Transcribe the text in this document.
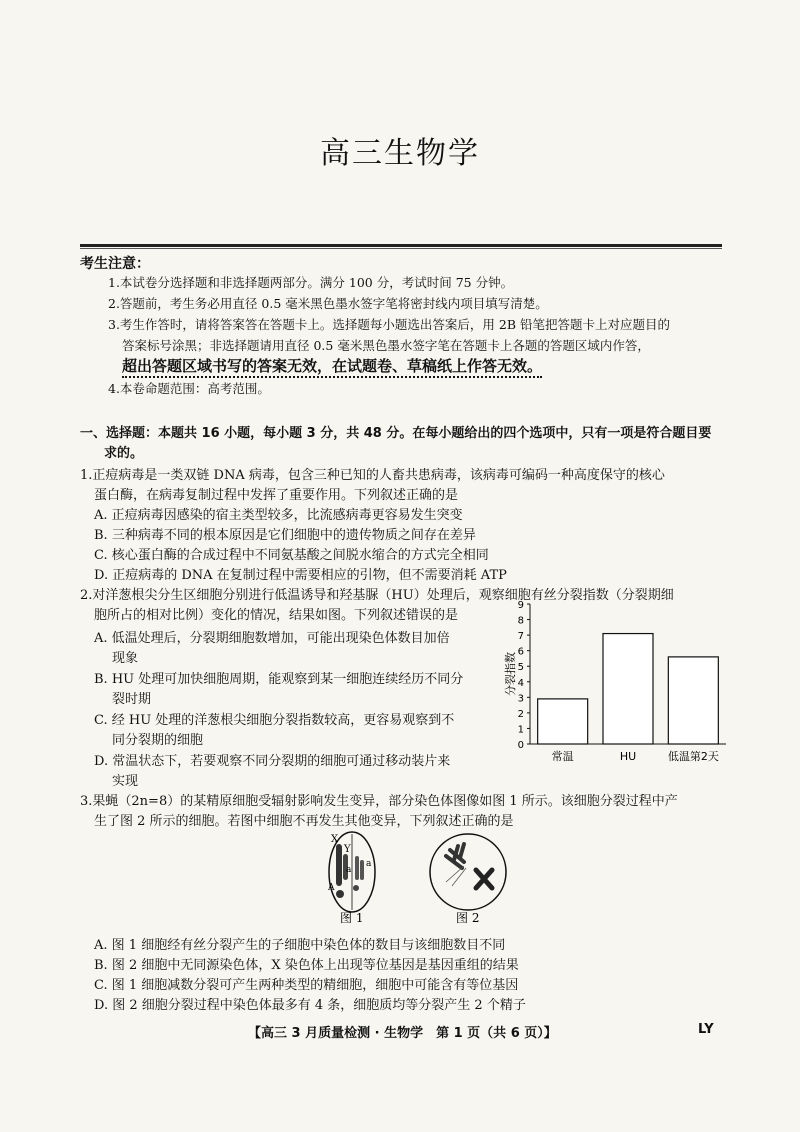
高三生物学
考生注意：
1.本试卷分选择题和非选择题两部分。满分 100 分，考试时间 75 分钟。
2.答题前，考生务必用直径 0.5 毫米黑色墨水签字笔将密封线内项目填写清楚。
3.考生作答时，请将答案答在答题卡上。选择题每小题选出答案后，用 2B 铅笔把答题卡上对应题目的
答案标号涂黑；非选择题请用直径 0.5 毫米黑色墨水签字笔在答题卡上各题的答题区域内作答，
超出答题区域书写的答案无效，在试题卷、草稿纸上作答无效。
4.本卷命题范围：高考范围。
一、选择题：本题共 16 小题，每小题 3 分，共 48 分。在每小题给出的四个选项中，只有一项是符合题目要
求的。
1.正痘病毒是一类双链 DNA 病毒，包含三种已知的人畜共患病毒，该病毒可编码一种高度保守的核心
蛋白酶，在病毒复制过程中发挥了重要作用。下列叙述正确的是
A. 正痘病毒因感染的宿主类型较多，比流感病毒更容易发生突变
B. 三种病毒不同的根本原因是它们细胞中的遗传物质之间存在差异
C. 核心蛋白酶的合成过程中不同氨基酸之间脱水缩合的方式完全相同
D. 正痘病毒的 DNA 在复制过程中需要相应的引物，但不需要消耗 ATP
2.对洋葱根尖分生区细胞分别进行低温诱导和羟基脲（HU）处理后，观察细胞有丝分裂指数（分裂期细
胞所占的相对比例）变化的情况，结果如图。下列叙述错误的是
A. 低温处理后，分裂期细胞数增加，可能出现染色体数目加倍
现象
B. HU 处理可加快细胞周期，能观察到某一细胞连续经历不同分
裂时期
C. 经 HU 处理的洋葱根尖细胞分裂指数较高，更容易观察到不
同分裂期的细胞
D. 常温状态下，若要观察不同分裂期的细胞可通过移动装片来
实现
0
1
2
3
4
5
6
7
8
9
分裂指数
常温	HU	低温第2天
3.果蝇（2n=8）的某精原细胞受辐射影响发生变异，部分染色体图像如图 1 所示。该细胞分裂过程中产
生了图 2 所示的细胞。若图中细胞不再发生其他变异，下列叙述正确的是
X
Y
a
a
A
图 1	图 2
A. 图 1 细胞经有丝分裂产生的子细胞中染色体的数目与该细胞数目不同
B. 图 2 细胞中无同源染色体，X 染色体上出现等位基因是基因重组的结果
C. 图 1 细胞减数分裂可产生两种类型的精细胞，细胞中可能含有等位基因
D. 图 2 细胞分裂过程中染色体最多有 4 条，细胞质均等分裂产生 2 个精子
【高三 3 月质量检测 · 生物学　第 1 页（共 6 页）】	LY
